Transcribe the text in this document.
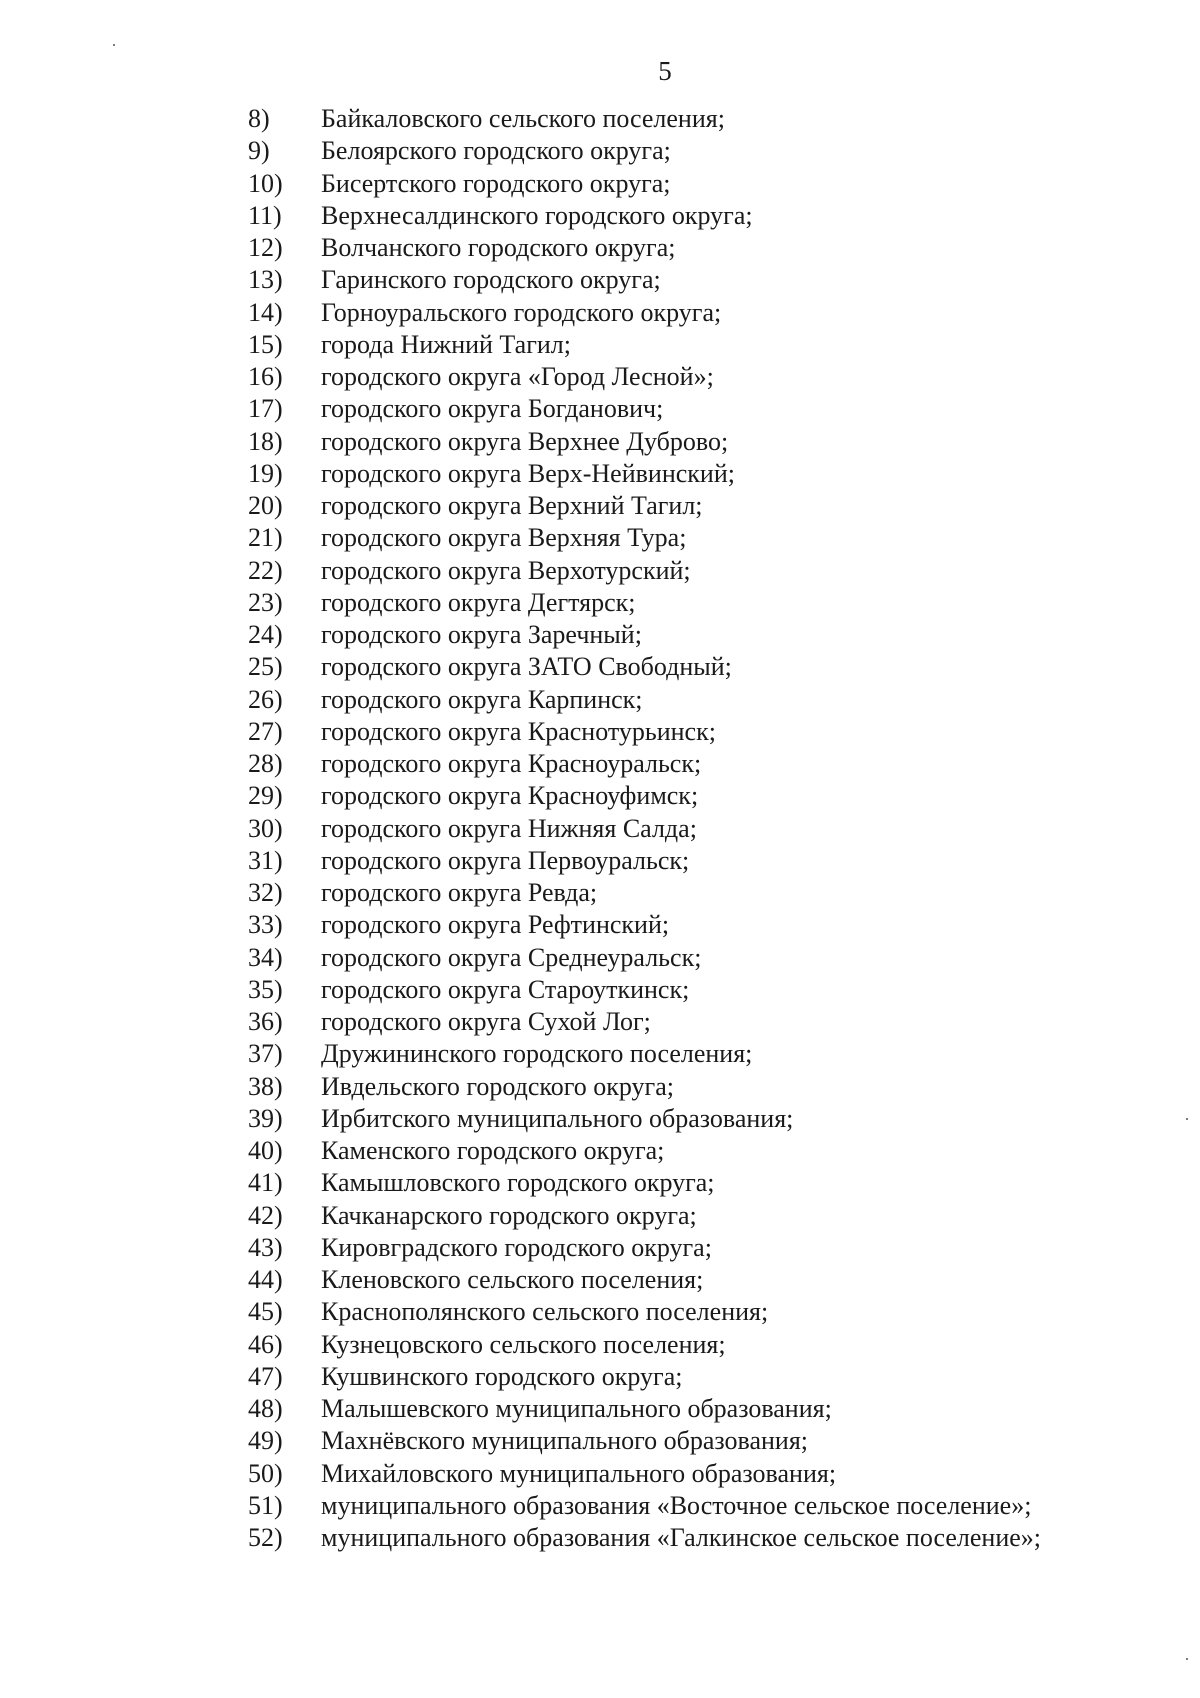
5
8) Байкаловского сельского поселения;
9) Белоярского городского округа;
10) Бисертского городского округа;
11) Верхнесалдинского городского округа;
12) Волчанского городского округа;
13) Гаринского городского округа;
14) Горноуральского городского округа;
15) города Нижний Тагил;
16) городского округа «Город Лесной»;
17) городского округа Богданович;
18) городского округа Верхнее Дуброво;
19) городского округа Верх-Нейвинский;
20) городского округа Верхний Тагил;
21) городского округа Верхняя Тура;
22) городского округа Верхотурский;
23) городского округа Дегтярск;
24) городского округа Заречный;
25) городского округа ЗАТО Свободный;
26) городского округа Карпинск;
27) городского округа Краснотурьинск;
28) городского округа Красноуральск;
29) городского округа Красноуфимск;
30) городского округа Нижняя Салда;
31) городского округа Первоуральск;
32) городского округа Ревда;
33) городского округа Рефтинский;
34) городского округа Среднеуральск;
35) городского округа Староуткинск;
36) городского округа Сухой Лог;
37) Дружининского городского поселения;
38) Ивдельского городского округа;
39) Ирбитского муниципального образования;
40) Каменского городского округа;
41) Камышловского городского округа;
42) Качканарского городского округа;
43) Кировградского городского округа;
44) Кленовского сельского поселения;
45) Краснополянского сельского поселения;
46) Кузнецовского сельского поселения;
47) Кушвинского городского округа;
48) Малышевского муниципального образования;
49) Махнёвского муниципального образования;
50) Михайловского муниципального образования;
51) муниципального образования «Восточное сельское поселение»;
52) муниципального образования «Галкинское сельское поселение»;
